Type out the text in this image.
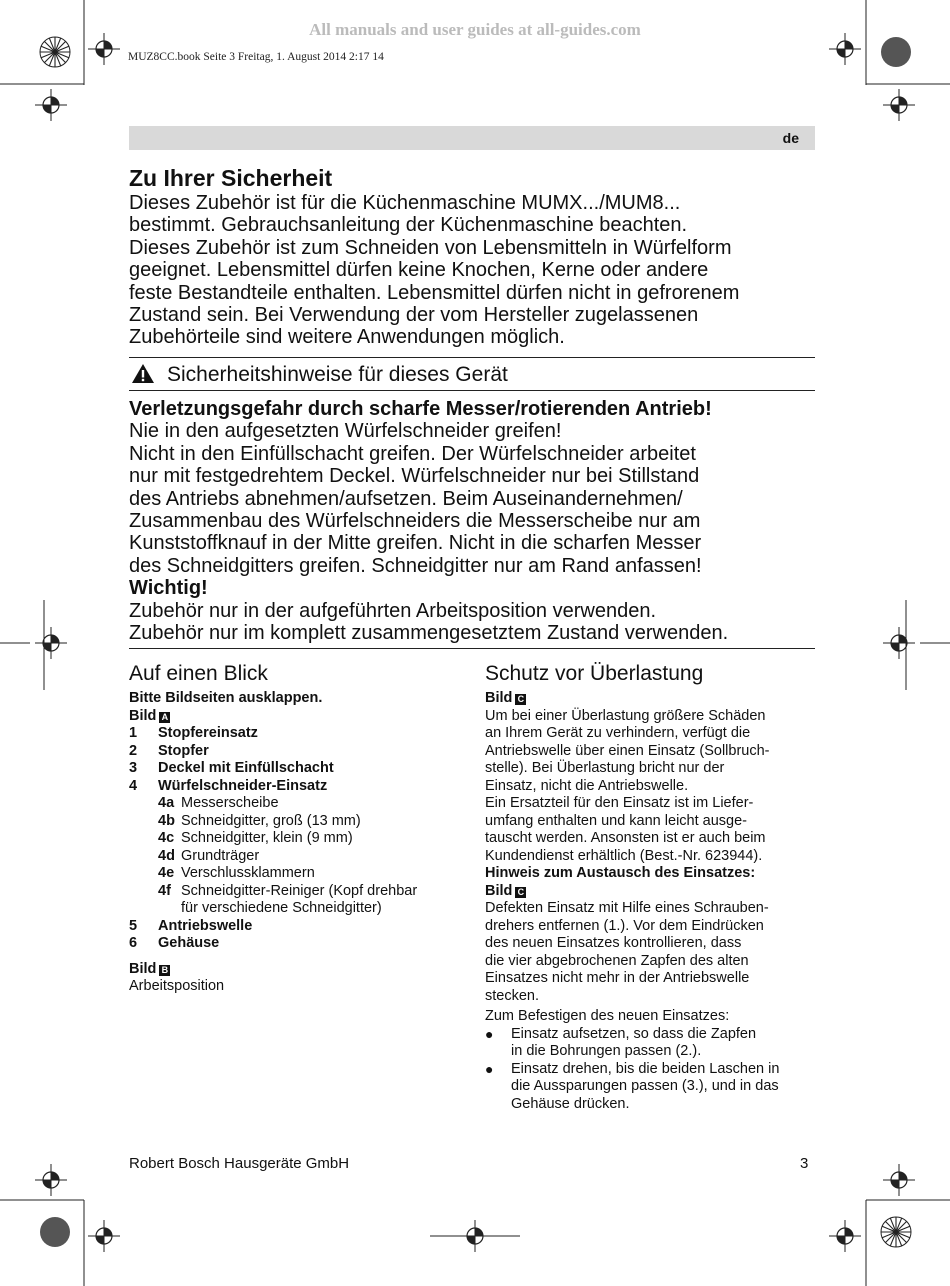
All manuals and user guides at all-guides.com
MUZ8CC.book Seite 3 Freitag, 1. August 2014 2:17 14
de
Zu Ihrer Sicherheit

Dieses Zubehör ist für die Küchenmaschine MUMX.../MUM8...

bestimmt. Gebrauchsanleitung der Küchenmaschine beachten.

Dieses Zubehör ist zum Schneiden von Lebensmitteln in Würfelform

geeignet. Lebensmittel dürfen keine Knochen, Kerne oder andere

feste Bestandteile enthalten. Lebensmittel dürfen nicht in gefrorenem

Zustand sein. Bei Verwendung der vom Hersteller zugelassenen

Zubehörteile sind weitere Anwendungen möglich.

Sicherheitshinweise für dieses Gerät

Verletzungsgefahr durch scharfe Messer/rotierenden Antrieb!

Nie in den aufgesetzten Würfelschneider greifen!

Nicht in den Einfüllschacht greifen. Der Würfelschneider arbeitet

nur mit festgedrehtem Deckel. Würfelschneider nur bei Stillstand

des Antriebs abnehmen/aufsetzen. Beim Auseinandernehmen/

Zusammenbau des Würfelschneiders die Messerscheibe nur am

Kunststoffknauf in der Mitte greifen. Nicht in die scharfen Messer

des Schneidgitters greifen. Schneidgitter nur am Rand anfassen!

Wichtig!

Zubehör nur in der aufgeführten Arbeitsposition verwenden.

Zubehör nur im komplett zusammengesetztem Zustand verwenden.

Auf einen Blick

Bitte Bildseiten ausklappen.

Bild A

1	Stopfereinsatz
2	Stopfer
3	Deckel mit Einfüllschacht
4	Würfelschneider-Einsatz
4a Messerscheibe
4b Schneidgitter, groß (13 mm)
4c Schneidgitter, klein (9 mm)
4d Grundträger
4e Verschlussklammern
4f Schneidgitter-Reiniger (Kopf drehbar
für verschiedene Schneidgitter)
5	Antriebswelle
6	Gehäuse

Bild B

Arbeitsposition

Schutz vor Überlastung

Bild C

Um bei einer Überlastung größere Schäden

an Ihrem Gerät zu verhindern, verfügt die

Antriebswelle über einen Einsatz (Sollbruch-

stelle). Bei Überlastung bricht nur der

Einsatz, nicht die Antriebswelle.

Ein Ersatzteil für den Einsatz ist im Liefer-

umfang enthalten und kann leicht ausge-

tauscht werden. Ansonsten ist er auch beim

Kundendienst erhältlich (Best.-Nr. 623944).

Hinweis zum Austausch des Einsatzes:

Bild C

Defekten Einsatz mit Hilfe eines Schrauben-

drehers entfernen (1.). Vor dem Eindrücken

des neuen Einsatzes kontrollieren, dass

die vier abgebrochenen Zapfen des alten

Einsatzes nicht mehr in der Antriebswelle

stecken.

Zum Befestigen des neuen Einsatzes:

●	Einsatz aufsetzen, so dass die Zapfen
in die Bohrungen passen (2.).
●	Einsatz drehen, bis die beiden Laschen in
die Aussparungen passen (3.), und in das
Gehäuse drücken.
Robert Bosch Hausgeräte GmbH	3
